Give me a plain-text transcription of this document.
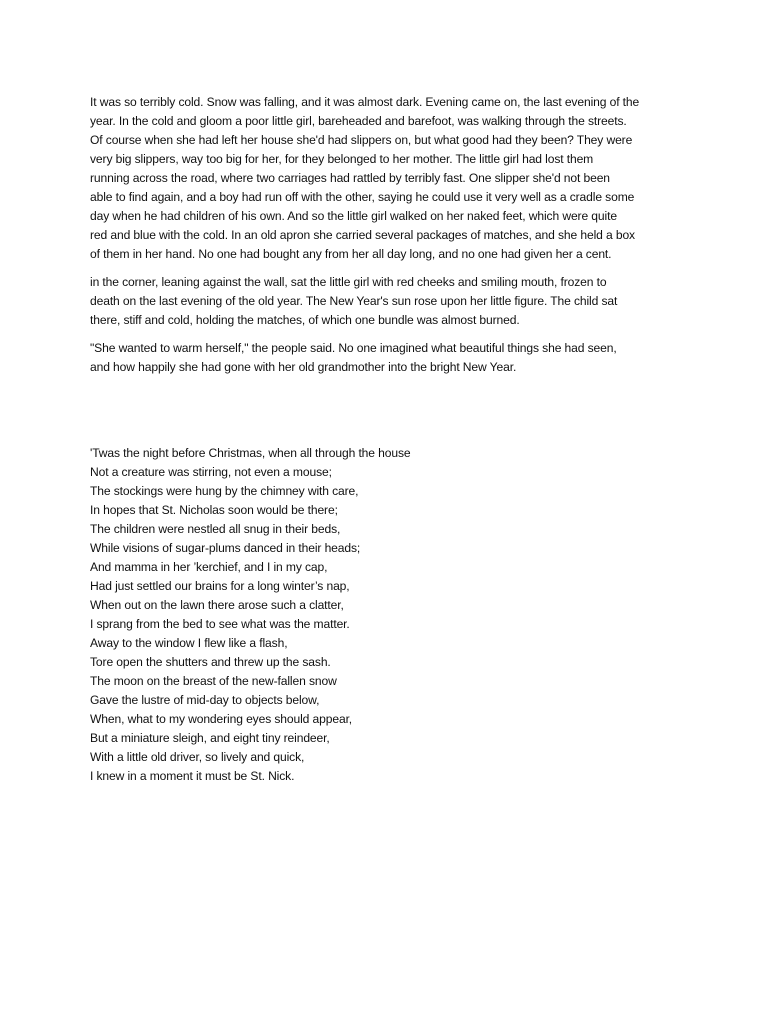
It was so terribly cold. Snow was falling, and it was almost dark. Evening came on, the last evening of the
year. In the cold and gloom a poor little girl, bareheaded and barefoot, was walking through the streets.
Of course when she had left her house she'd had slippers on, but what good had they been? They were
very big slippers, way too big for her, for they belonged to her mother. The little girl had lost them
running across the road, where two carriages had rattled by terribly fast. One slipper she'd not been
able to find again, and a boy had run off with the other, saying he could use it very well as a cradle some
day when he had children of his own. And so the little girl walked on her naked feet, which were quite
red and blue with the cold. In an old apron she carried several packages of matches, and she held a box
of them in her hand. No one had bought any from her all day long, and no one had given her a cent.

in the corner, leaning against the wall, sat the little girl with red cheeks and smiling mouth, frozen to
death on the last evening of the old year. The New Year's sun rose upon her little figure. The child sat
there, stiff and cold, holding the matches, of which one bundle was almost burned.

"She wanted to warm herself," the people said. No one imagined what beautiful things she had seen,
and how happily she had gone with her old grandmother into the bright New Year.

'Twas the night before Christmas, when all through the house
Not a creature was stirring, not even a mouse;
The stockings were hung by the chimney with care,
In hopes that St. Nicholas soon would be there;
The children were nestled all snug in their beds,
While visions of sugar-plums danced in their heads;
And mamma in her ’kerchief, and I in my cap,
Had just settled our brains for a long winter’s nap,
When out on the lawn there arose such a clatter,
I sprang from the bed to see what was the matter.
Away to the window I flew like a flash,
Tore open the shutters and threw up the sash.
The moon on the breast of the new-fallen snow
Gave the lustre of mid-day to objects below,
When, what to my wondering eyes should appear,
But a miniature sleigh, and eight tiny reindeer,
With a little old driver, so lively and quick,
I knew in a moment it must be St. Nick.
